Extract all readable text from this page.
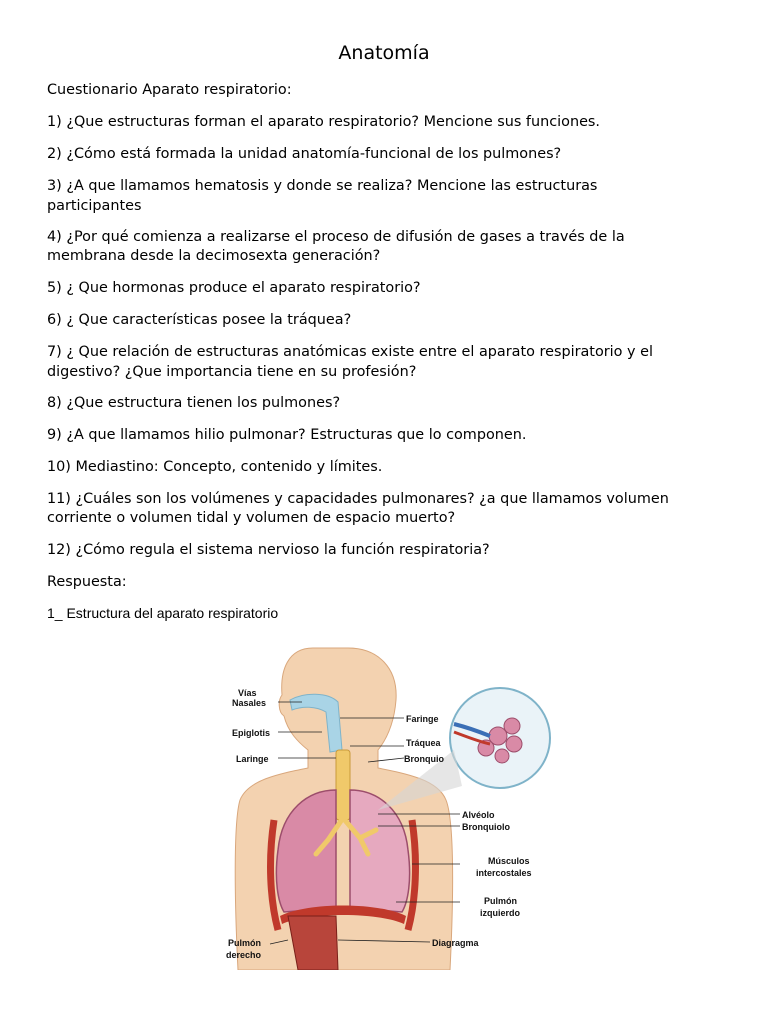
Anatomía
Cuestionario Aparato respiratorio:
1) ¿Que estructuras forman el aparato respiratorio? Mencione sus funciones.
2) ¿Cómo está formada la unidad anatomía-funcional de los pulmones?
3) ¿A que llamamos hematosis y donde se realiza? Mencione las estructuras
participantes
4) ¿Por qué comienza a realizarse el proceso de difusión de gases a través de la
membrana desde la decimosexta generación?
5) ¿ Que hormonas produce el aparato respiratorio?
6) ¿ Que características posee la tráquea?
7) ¿ Que relación de estructuras anatómicas existe entre el aparato respiratorio y el
digestivo? ¿Que importancia tiene en su profesión?
8) ¿Que estructura tienen los pulmones?
9) ¿A que llamamos hilio pulmonar? Estructuras que lo componen.
10) Mediastino: Concepto, contenido y límites.
11) ¿Cuáles son los volúmenes y capacidades pulmonares? ¿a que llamamos volumen
corriente o volumen tidal y volumen de espacio muerto?
12) ¿Cómo regula el sistema nervioso la función respiratoria?
Respuesta:
1_ Estructura del aparato respiratorio
Vías
Nasales
Epiglotis
Laringe
Faringe
Tráquea
Bronquio
Alvéolo
Bronquiolo
Músculos
intercostales
Pulmón
izquierdo
Diagragma
Pulmón
derecho
